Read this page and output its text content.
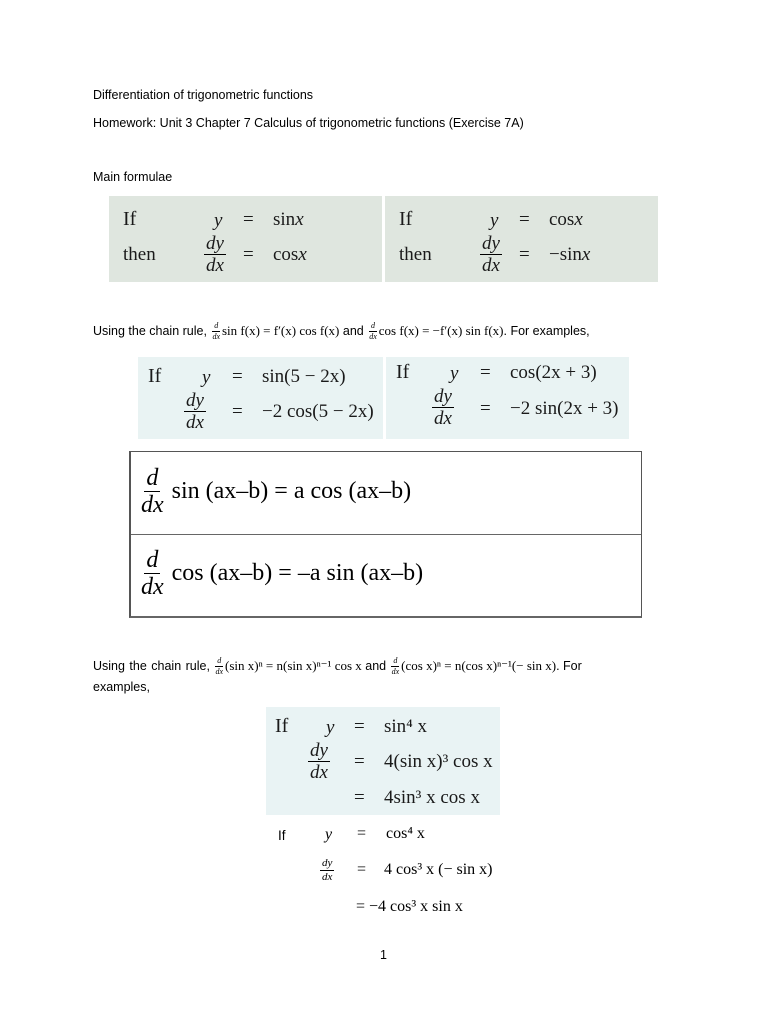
Differentiation of trigonometric functions
Homework: Unit 3 Chapter 7 Calculus of trigonometric functions (Exercise 7A)
Main formulae
If	y = sinx
then	$\frac{dy}{dx} = \cos x$
If	y = cosx
then	$\frac{dy}{dx} = -\sin x$
Using the chain rule, $\frac{d}{dx}$ sin f(x) = f′(x) cos f(x) and $\frac{d}{dx}$ cos f(x) = −f′(x) sin f(x). For examples,
If y = sin(5 − 2x)
$\frac{dy}{dx} = -2$ cos(5 − 2x)
If y = cos(2x + 3)
$\frac{dy}{dx} = -2$ sin(2x + 3)
$\frac{d}{dx}$ sin (ax–b) = a cos (ax–b)
$\frac{d}{dx}$ cos (ax–b) = –a sin (ax–b)
Using the chain rule, $\frac{d}{dx} (\sin$ x)ⁿ = n(sin x)ⁿ⁻¹ cos x and $\frac{d}{dx} (\cos$ x)ⁿ = n(cos x)ⁿ⁻¹(− sin x). For
examples,
If y = sin⁴ x
$\frac{dy}{dx} = 4(\sin$ x)³ cos x
= 4sin³ x cos x
If y = cos⁴ x
$\frac{dy}{dx} = 4$ cos³ x (− sin x)
= −4 cos³ x sin x
1
